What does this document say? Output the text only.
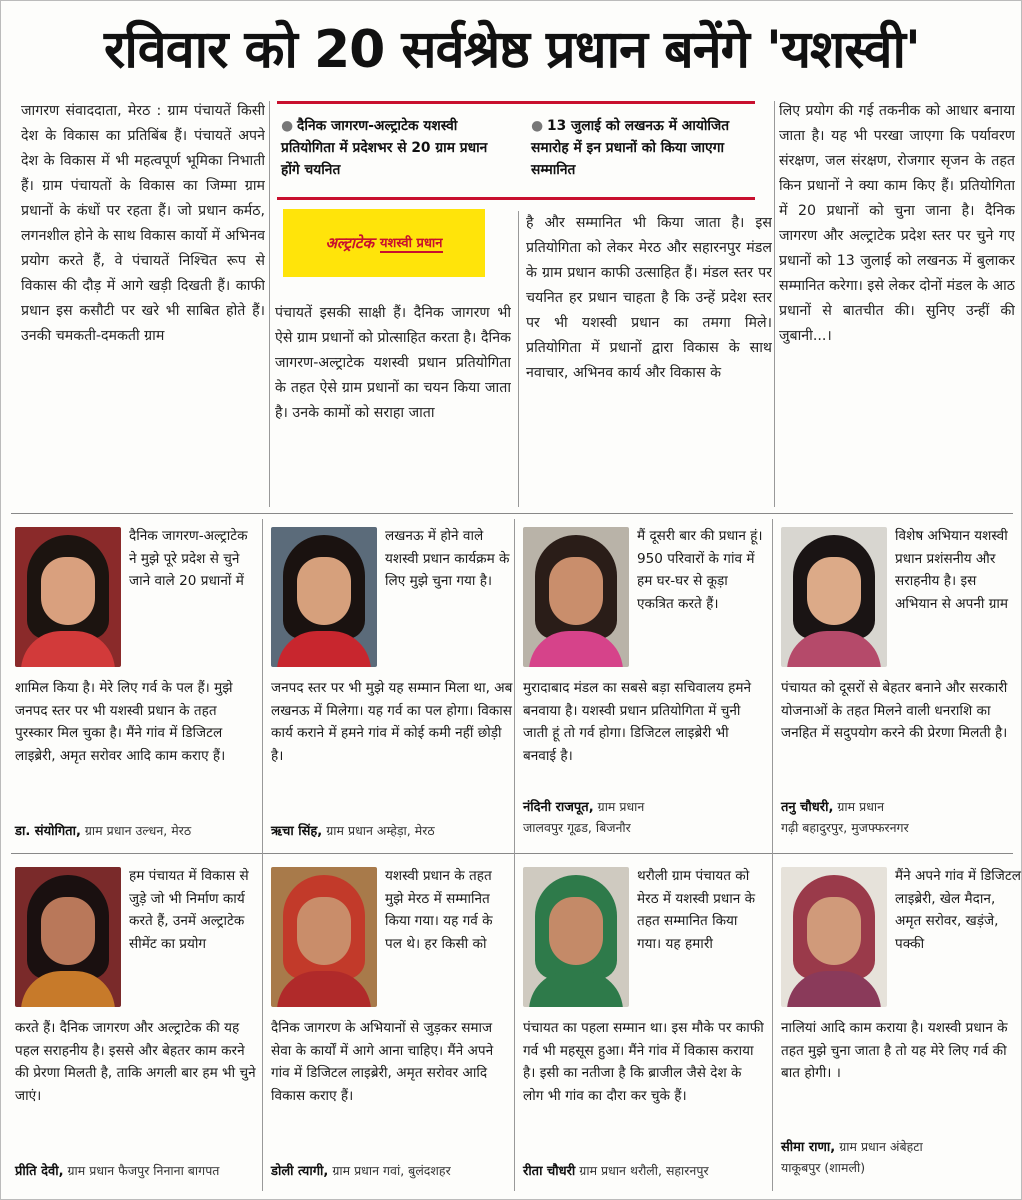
रविवार को 20 सर्वश्रेष्ठ प्रधान बनेंगे 'यशस्वी'
जागरण संवाददाता, मेरठ : ग्राम पंचायतें किसी देश के विकास का प्रतिबिंब हैं। पंचायतें अपने देश के विकास में भी महत्वपूर्ण भूमिका निभाती हैं। ग्राम पंचायतों के विकास का जिम्मा ग्राम प्रधानों के कंधों पर रहता हैं। जो प्रधान कर्मठ, लगनशील होने के साथ विकास कार्यो में अभिनव प्रयोग करते हैं, वे पंचायतें निश्चित रूप से विकास की दौड़ में आगे खड़ी दिखती हैं। काफी प्रधान इस कसौटी पर खरे भी साबित होते हैं। उनकी चमकती-दमकती ग्राम
● दैनिक जागरण-अल्ट्राटेक यशस्वी प्रतियोगिता में प्रदेशभर से 20 ग्राम प्रधान होंगे चयनित
● 13 जुलाई को लखनऊ में आयोजित समारोह में इन प्रधानों को किया जाएगा सम्मानित
अल्ट्राटेक यशस्वी प्रधान
पंचायतें इसकी साक्षी हैं। दैनिक जागरण भी ऐसे ग्राम प्रधानों को प्रोत्साहित करता है। दैनिक जागरण-अल्ट्राटेक यशस्वी प्रधान प्रतियोगिता के तहत ऐसे ग्राम प्रधानों का चयन किया जाता है। उनके कामों को सराहा जाता
है और सम्मानित भी किया जाता है। इस प्रतियोगिता को लेकर मेरठ और सहारनपुर मंडल के ग्राम प्रधान काफी उत्साहित हैं। मंडल स्तर पर चयनित हर प्रधान चाहता है कि उन्हें प्रदेश स्तर पर भी यशस्वी प्रधान का तमगा मिले। प्रतियोगिता में प्रधानों द्वारा विकास के साथ नवाचार, अभिनव कार्य और विकास के
लिए प्रयोग की गई तकनीक को आधार बनाया जाता है। यह भी परखा जाएगा कि पर्यावरण संरक्षण, जल संरक्षण, रोजगार सृजन के तहत किन प्रधानों ने क्या काम किए हैं। प्रतियोगिता में 20 प्रधानों को चुना जाना है। दैनिक जागरण और अल्ट्राटेक प्रदेश स्तर पर चुने गए प्रधानों को 13 जुलाई को लखनऊ में बुलाकर सम्मानित करेगा। इसे लेकर दोनों मंडल के आठ प्रधानों से बातचीत की। सुनिए उन्हीं की जुबानी...।
दैनिक जागरण-अल्ट्राटेक ने मुझे पूरे प्रदेश से चुने जाने वाले 20 प्रधानों में
शामिल किया है। मेरे लिए गर्व के पल हैं। मुझे जनपद स्तर पर भी यशस्वी प्रधान के तहत पुरस्कार मिल चुका है। मैंने गांव में डिजिटल लाइब्रेरी, अमृत सरोवर आदि काम कराए हैं।
डा. संयोगिता, ग्राम प्रधान उल्धन, मेरठ
लखनऊ में होने वाले यशस्वी प्रधान कार्यक्रम के लिए मुझे चुना गया है।
जनपद स्तर पर भी मुझे यह सम्मान मिला था, अब लखनऊ में मिलेगा। यह गर्व का पल होगा। विकास कार्य कराने में हमने गांव में कोई कमी नहीं छोड़ी है।
ऋचा सिंह, ग्राम प्रधान अम्हेड़ा, मेरठ
मैं दूसरी बार की प्रधान हूं। 950 परिवारों के गांव में हम घर-घर से कूड़ा एकत्रित करते हैं।
मुरादाबाद मंडल का सबसे बड़ा सचिवालय हमने बनवाया है। यशस्वी प्रधान प्रतियोगिता में चुनी जाती हूं तो गर्व होगा। डिजिटल लाइब्रेरी भी बनवाई है।
नंदिनी राजपूत, ग्राम प्रधान
जालवपुर गूढड, बिजनौर
विशेष अभियान यशस्वी प्रधान प्रशंसनीय और सराहनीय है। इस अभियान से अपनी ग्राम
पंचायत को दूसरों से बेहतर बनाने और सरकारी योजनाओं के तहत मिलने वाली धनराशि का जनहित में सदुपयोग करने की प्रेरणा मिलती है।
तनु चौधरी, ग्राम प्रधान
गढ़ी बहादुरपुर, मुजफ्फरनगर
हम पंचायत में विकास से जुड़े जो भी निर्माण कार्य करते हैं, उनमें अल्ट्राटेक सीमेंट का प्रयोग
करते हैं। दैनिक जागरण और अल्ट्राटेक की यह पहल सराहनीय है। इससे और बेहतर काम करने की प्रेरणा मिलती है, ताकि अगली बार हम भी चुने जाएं।
प्रीति देवी, ग्राम प्रधान फैजपुर निनाना बागपत
यशस्वी प्रधान के तहत मुझे मेरठ में सम्मानित किया गया। यह गर्व के पल थे। हर किसी को
दैनिक जागरण के अभियानों से जुड़कर समाज सेवा के कार्यों में आगे आना चाहिए। मैंने अपने गांव में डिजिटल लाइब्रेरी, अमृत सरोवर आदि विकास कराए हैं।
डोली त्यागी, ग्राम प्रधान गवां, बुलंदशहर
थरौली ग्राम पंचायत को मेरठ में यशस्वी प्रधान के तहत सम्मानित किया गया। यह हमारी
पंचायत का पहला सम्मान था। इस मौके पर काफी गर्व भी महसूस हुआ। मैंने गांव में विकास कराया है। इसी का नतीजा है कि ब्राजील जैसे देश के लोग भी गांव का दौरा कर चुके हैं।
रीता चौधरी ग्राम प्रधान थरौली, सहारनपुर
मैंने अपने गांव में डिजिटल लाइब्रेरी, खेल मैदान, अमृत सरोवर, खड़ंजे, पक्की
नालियां आदि काम कराया है। यशस्वी प्रधान के तहत मुझे चुना जाता है तो यह मेरे लिए गर्व की बात होगी। ।
सीमा राणा, ग्राम प्रधान अंबेहटा
याकूबपुर (शामली)
